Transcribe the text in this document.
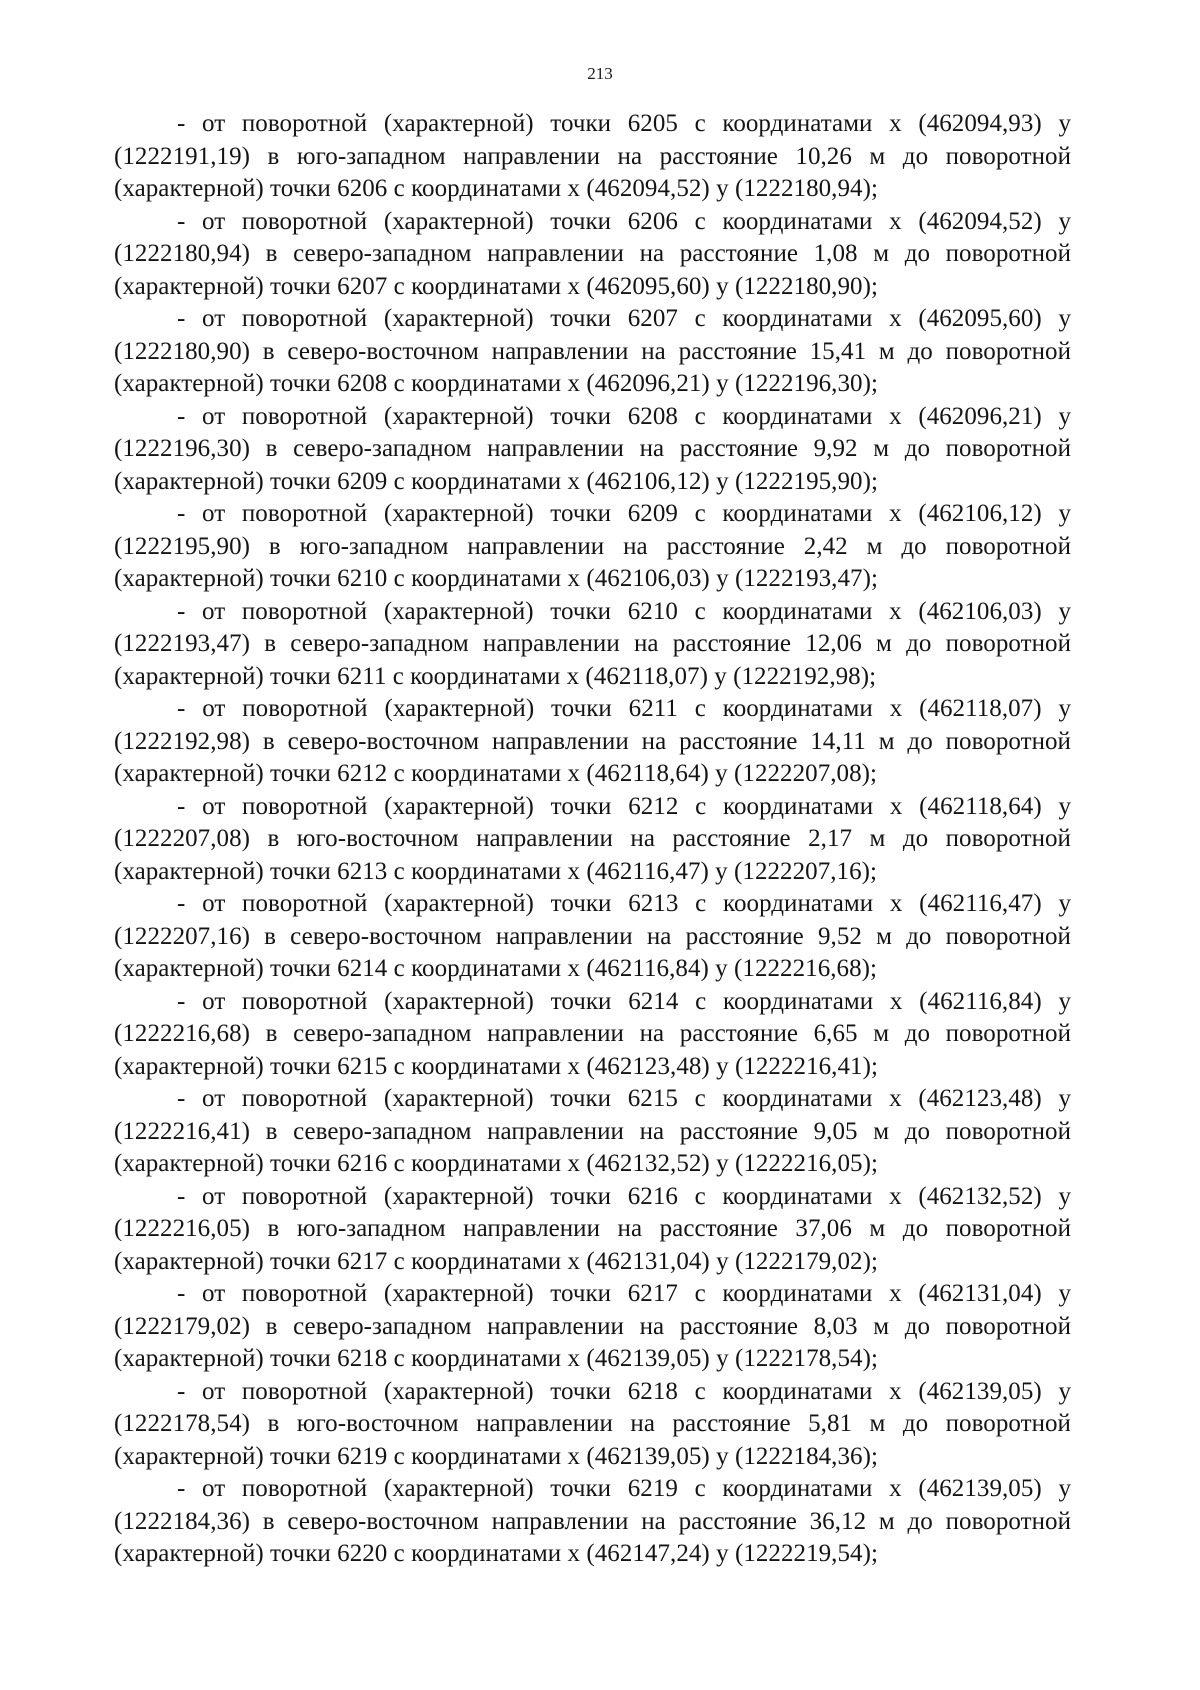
213

- от поворотной (характерной) точки 6205 с координатами х (462094,93) у (1222191,19) в юго-западном направлении на расстояние 10,26 м до поворотной (характерной) точки 6206 с координатами х (462094,52) у (1222180,94);

- от поворотной (характерной) точки 6206 с координатами х (462094,52) у (1222180,94) в северо-западном направлении на расстояние 1,08 м до поворотной (характерной) точки 6207 с координатами х (462095,60) у (1222180,90);

- от поворотной (характерной) точки 6207 с координатами х (462095,60) у (1222180,90) в северо-восточном направлении на расстояние 15,41 м до поворотной (характерной) точки 6208 с координатами х (462096,21) у (1222196,30);

- от поворотной (характерной) точки 6208 с координатами х (462096,21) у (1222196,30) в северо-западном направлении на расстояние 9,92 м до поворотной (характерной) точки 6209 с координатами х (462106,12) у (1222195,90);

- от поворотной (характерной) точки 6209 с координатами х (462106,12) у (1222195,90) в юго-западном направлении на расстояние 2,42 м до поворотной (характерной) точки 6210 с координатами х (462106,03) у (1222193,47);

- от поворотной (характерной) точки 6210 с координатами х (462106,03) у (1222193,47) в северо-западном направлении на расстояние 12,06 м до поворотной (характерной) точки 6211 с координатами х (462118,07) у (1222192,98);

- от поворотной (характерной) точки 6211 с координатами х (462118,07) у (1222192,98) в северо-восточном направлении на расстояние 14,11 м до поворотной (характерной) точки 6212 с координатами х (462118,64) у (1222207,08);

- от поворотной (характерной) точки 6212 с координатами х (462118,64) у (1222207,08) в юго-восточном направлении на расстояние 2,17 м до поворотной (характерной) точки 6213 с координатами х (462116,47) у (1222207,16);

- от поворотной (характерной) точки 6213 с координатами х (462116,47) у (1222207,16) в северо-восточном направлении на расстояние 9,52 м до поворотной (характерной) точки 6214 с координатами х (462116,84) у (1222216,68);

- от поворотной (характерной) точки 6214 с координатами х (462116,84) у (1222216,68) в северо-западном направлении на расстояние 6,65 м до поворотной (характерной) точки 6215 с координатами х (462123,48) у (1222216,41);

- от поворотной (характерной) точки 6215 с координатами х (462123,48) у (1222216,41) в северо-западном направлении на расстояние 9,05 м до поворотной (характерной) точки 6216 с координатами х (462132,52) у (1222216,05);

- от поворотной (характерной) точки 6216 с координатами х (462132,52) у (1222216,05) в юго-западном направлении на расстояние 37,06 м до поворотной (характерной) точки 6217 с координатами х (462131,04) у (1222179,02);

- от поворотной (характерной) точки 6217 с координатами х (462131,04) у (1222179,02) в северо-западном направлении на расстояние 8,03 м до поворотной (характерной) точки 6218 с координатами х (462139,05) у (1222178,54);

- от поворотной (характерной) точки 6218 с координатами х (462139,05) у (1222178,54) в юго-восточном направлении на расстояние 5,81 м до поворотной (характерной) точки 6219 с координатами х (462139,05) у (1222184,36);

- от поворотной (характерной) точки 6219 с координатами х (462139,05) у (1222184,36) в северо-восточном направлении на расстояние 36,12 м до поворотной (характерной) точки 6220 с координатами х (462147,24) у (1222219,54);
